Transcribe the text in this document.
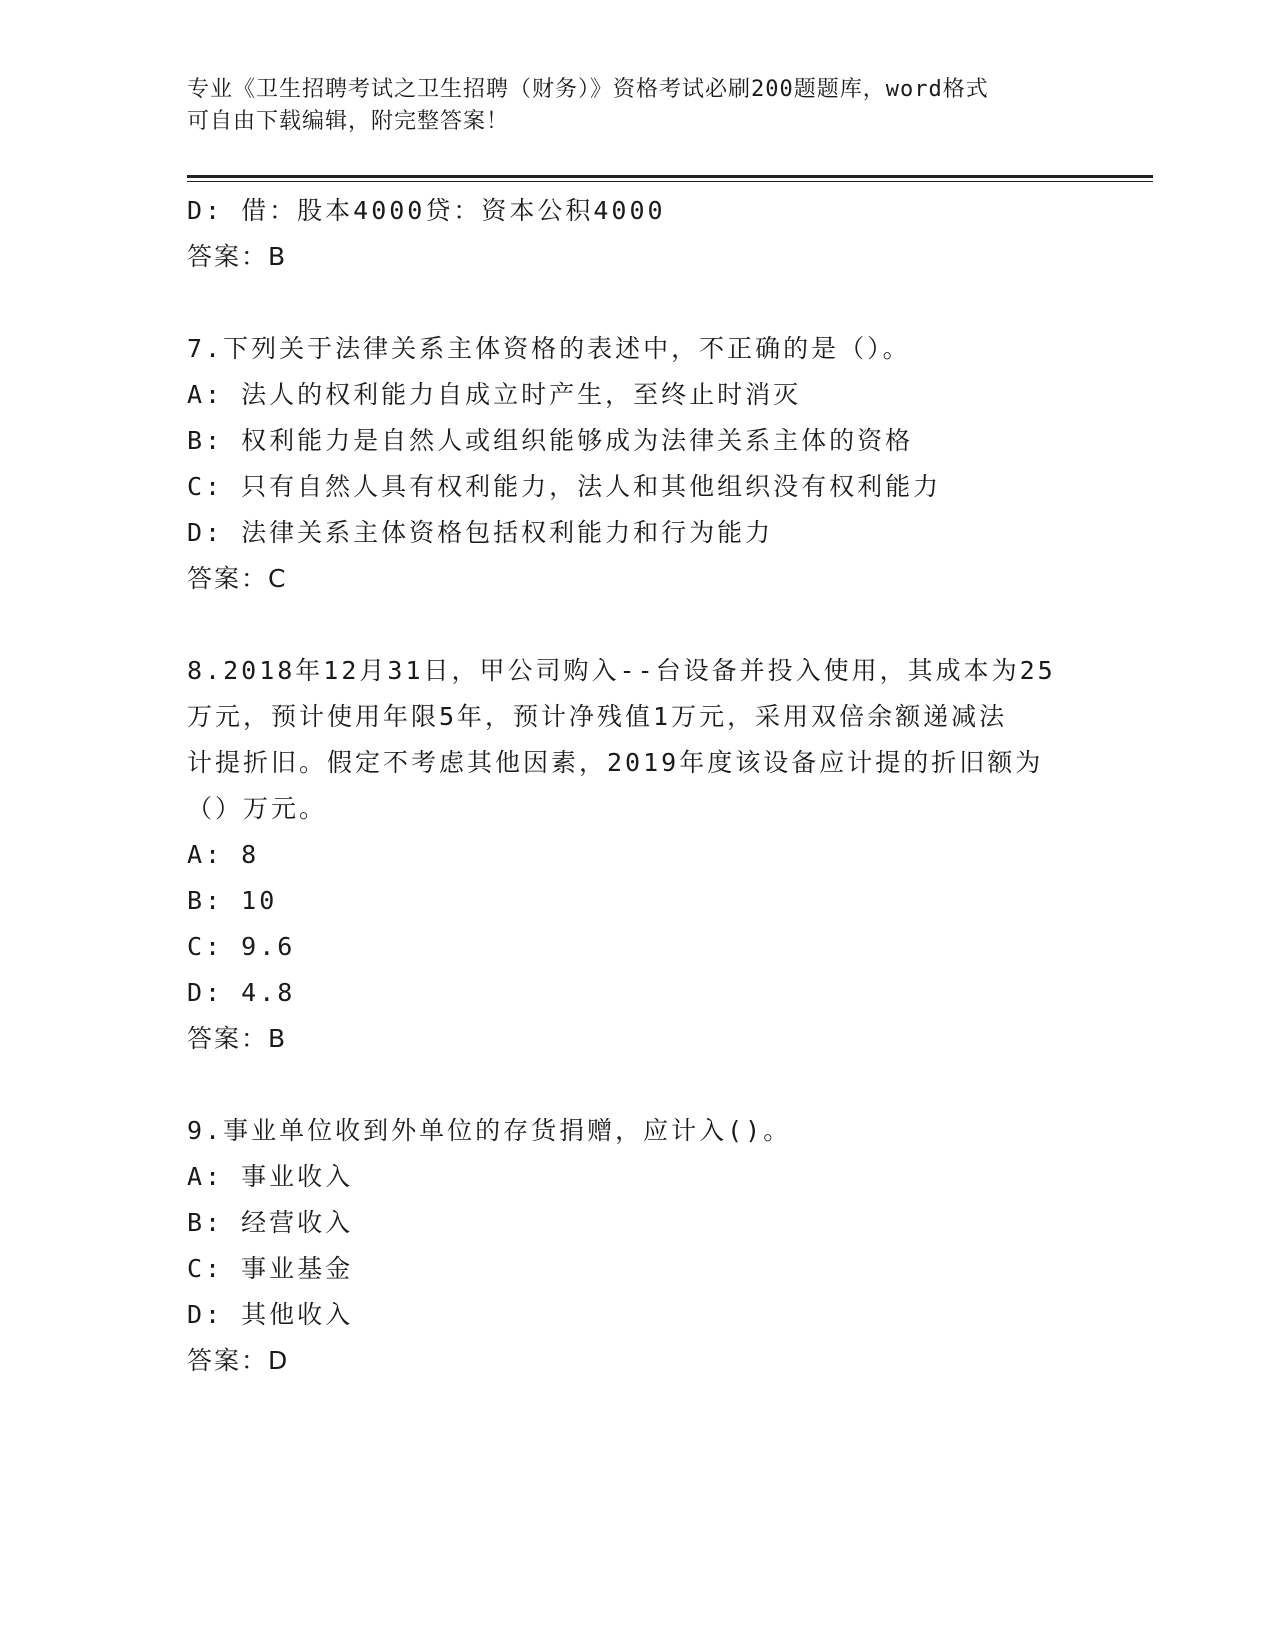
专业《卫生招聘考试之卫生招聘（财务）》资格考试必刷200题题库，word格式
可自由下载编辑，附完整答案！
D: 借：股本4000贷：资本公积4000
答案：B
7.下列关于法律关系主体资格的表述中，不正确的是（）。
A: 法人的权利能力自成立时产生，至终止时消灭
B: 权利能力是自然人或组织能够成为法律关系主体的资格
C: 只有自然人具有权利能力，法人和其他组织没有权利能力
D: 法律关系主体资格包括权利能力和行为能力
答案：C
8.2018年12月31日，甲公司购入--台设备并投入使用，其成本为25
万元，预计使用年限5年，预计净残值1万元，采用双倍余额递减法
计提折旧。假定不考虑其他因素，2019年度该设备应计提的折旧额为
（）万元。
A: 8
B: 10
C: 9.6
D: 4.8
答案：B
9.事业单位收到外单位的存货捐赠，应计入()。
A: 事业收入
B: 经营收入
C: 事业基金
D: 其他收入
答案：D
